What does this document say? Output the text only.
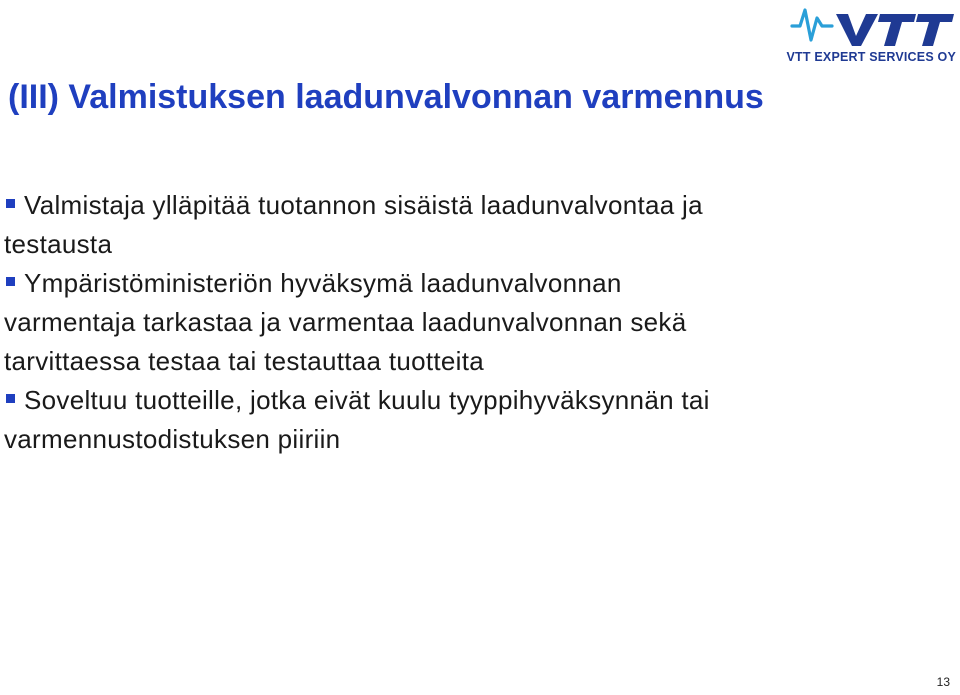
VTT EXPERT SERVICES OY
(III) Valmistuksen laadunvalvonnan varmennus
Valmistaja ylläpitää tuotannon sisäistä laadunvalvontaa ja
testausta
Ympäristöministeriön hyväksymä laadunvalvonnan
varmentaja tarkastaa ja varmentaa laadunvalvonnan sekä
tarvittaessa testaa tai testauttaa tuotteita
Soveltuu tuotteille, jotka eivät kuulu tyyppihyväksynnän tai
varmennustodistuksen piiriin
13
